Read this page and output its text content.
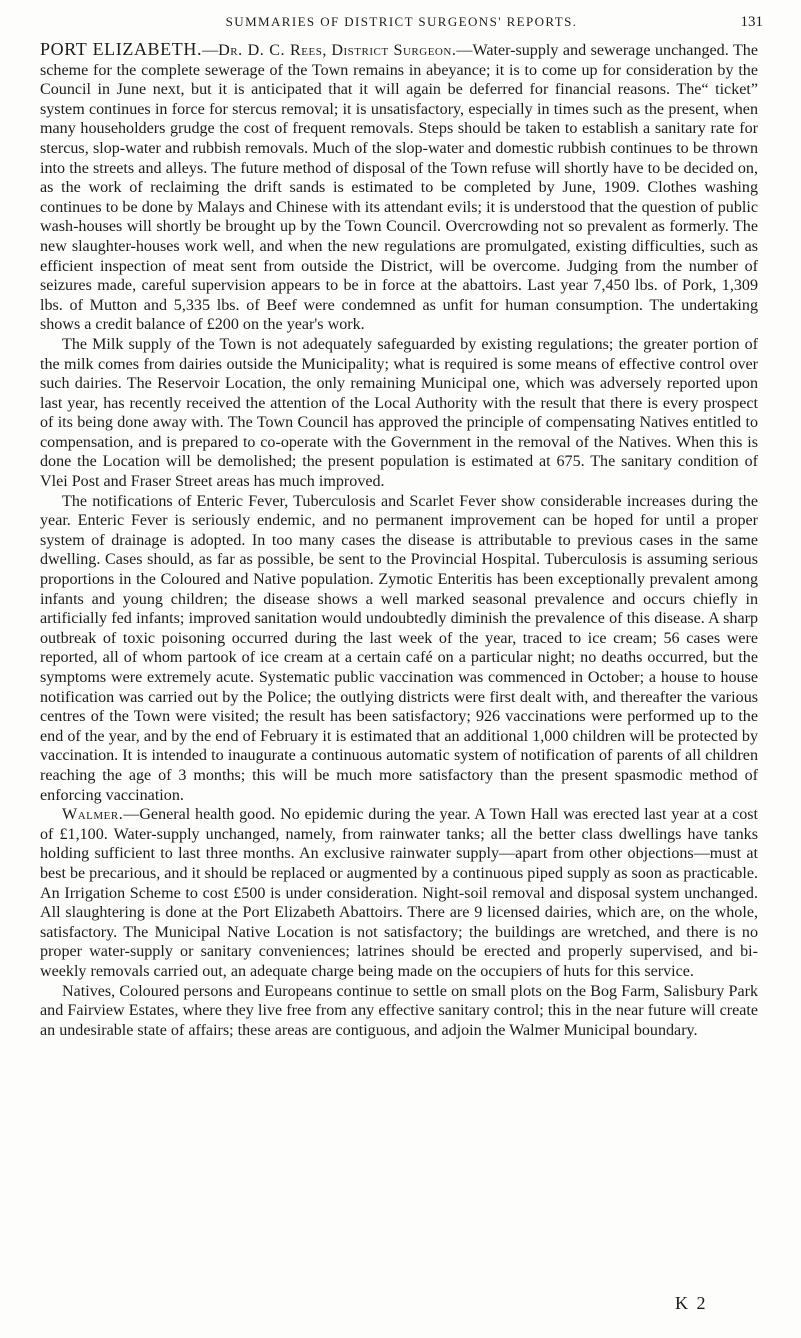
SUMMARIES OF DISTRICT SURGEONS' REPORTS.	131

PORT ELIZABETH.—Dr. D. C. Rees, District Surgeon.—Water-supply and sewerage unchanged. The scheme for the complete sewerage of the Town remains in abeyance; it is to come up for consideration by the Council in June next, but it is anticipated that it will again be deferred for financial reasons. The“ ticket” system continues in force for stercus removal; it is unsatisfactory, especially in times such as the present, when many householders grudge the cost of frequent removals. Steps should be taken to establish a sanitary rate for stercus, slop-water and rubbish removals. Much of the slop-water and domestic rubbish continues to be thrown into the streets and alleys. The future method of disposal of the Town refuse will shortly have to be decided on, as the work of reclaiming the drift sands is estimated to be completed by June, 1909. Clothes washing continues to be done by Malays and Chinese with its attendant evils; it is understood that the question of public wash-houses will shortly be brought up by the Town Council. Overcrowding not so prevalent as formerly. The new slaughter-houses work well, and when the new regulations are promulgated, existing difficulties, such as efficient inspection of meat sent from outside the District, will be overcome. Judging from the number of seizures made, careful supervision appears to be in force at the abattoirs. Last year 7,450 lbs. of Pork, 1,309 lbs. of Mutton and 5,335 lbs. of Beef were condemned as unfit for human consumption. The undertaking shows a credit balance of £200 on the year's work.

The Milk supply of the Town is not adequately safeguarded by existing regulations; the greater portion of the milk comes from dairies outside the Municipality; what is required is some means of effective control over such dairies. The Reservoir Location, the only remaining Municipal one, which was adversely reported upon last year, has recently received the attention of the Local Authority with the result that there is every prospect of its being done away with. The Town Council has approved the principle of compensating Natives entitled to compensation, and is prepared to co-operate with the Government in the removal of the Natives. When this is done the Location will be demolished; the present population is estimated at 675. The sanitary condition of Vlei Post and Fraser Street areas has much improved.

The notifications of Enteric Fever, Tuberculosis and Scarlet Fever show considerable increases during the year. Enteric Fever is seriously endemic, and no permanent improvement can be hoped for until a proper system of drainage is adopted. In too many cases the disease is attributable to previous cases in the same dwelling. Cases should, as far as possible, be sent to the Provincial Hospital. Tuberculosis is assuming serious proportions in the Coloured and Native population. Zymotic Enteritis has been exceptionally prevalent among infants and young children; the disease shows a well marked seasonal prevalence and occurs chiefly in artificially fed infants; improved sanitation would undoubtedly diminish the prevalence of this disease. A sharp outbreak of toxic poisoning occurred during the last week of the year, traced to ice cream; 56 cases were reported, all of whom partook of ice cream at a certain café on a particular night; no deaths occurred, but the symptoms were extremely acute. Systematic public vaccination was commenced in October; a house to house notification was carried out by the Police; the outlying districts were first dealt with, and thereafter the various centres of the Town were visited; the result has been satisfactory; 926 vaccinations were performed up to the end of the year, and by the end of February it is estimated that an additional 1,000 children will be protected by vaccination. It is intended to inaugurate a continuous automatic system of notification of parents of all children reaching the age of 3 months; this will be much more satisfactory than the present spasmodic method of enforcing vaccination.

Walmer.—General health good. No epidemic during the year. A Town Hall was erected last year at a cost of £1,100. Water-supply unchanged, namely, from rainwater tanks; all the better class dwellings have tanks holding sufficient to last three months. An exclusive rainwater supply—apart from other objections—must at best be precarious, and it should be replaced or augmented by a continuous piped supply as soon as practicable. An Irrigation Scheme to cost £500 is under consideration. Night-soil removal and disposal system unchanged. All slaughtering is done at the Port Elizabeth Abattoirs. There are 9 licensed dairies, which are, on the whole, satisfactory. The Municipal Native Location is not satisfactory; the buildings are wretched, and there is no proper water-supply or sanitary conveniences; latrines should be erected and properly supervised, and bi-weekly removals carried out, an adequate charge being made on the occupiers of huts for this service.

Natives, Coloured persons and Europeans continue to settle on small plots on the Bog Farm, Salisbury Park and Fairview Estates, where they live free from any effective sanitary control; this in the near future will create an undesirable state of affairs; these areas are contiguous, and adjoin the Walmer Municipal boundary.

K 2
